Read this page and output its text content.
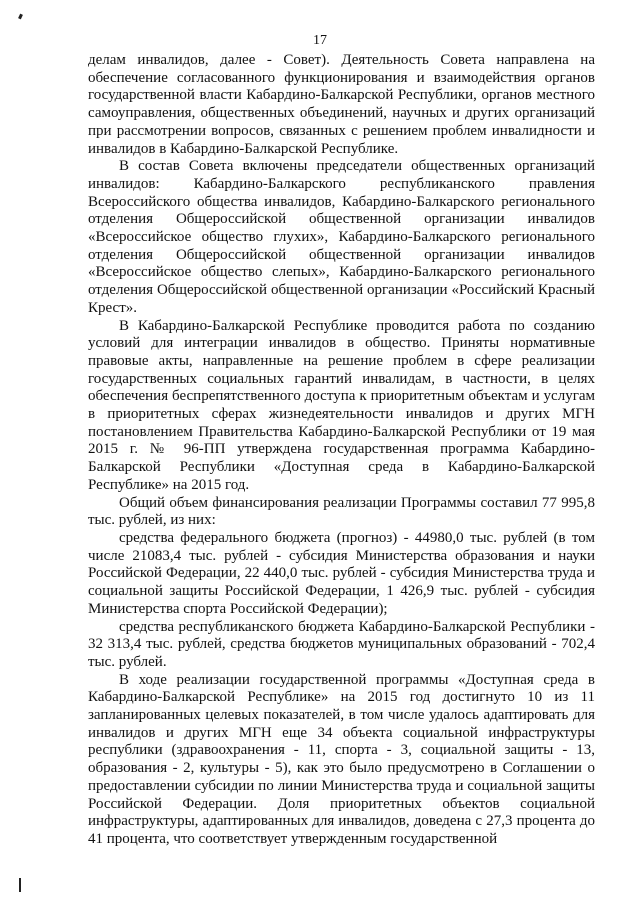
17

делам инвалидов, далее - Совет). Деятельность Совета направлена на обеспечение согласованного функционирования и взаимодействия органов государственной власти Кабардино-Балкарской Республики, органов местного самоуправления, общественных объединений, научных и других организаций при рассмотрении вопросов, связанных с решением проблем инвалидности и инвалидов в Кабардино-Балкарской Республике.

В состав Совета включены председатели общественных организаций инвалидов: Кабардино-Балкарского республиканского правления Всероссийского общества инвалидов, Кабардино-Балкарского регионального отделения Общероссийской общественной организации инвалидов «Всероссийское общество глухих», Кабардино-Балкарского регионального отделения Общероссийской общественной организации инвалидов «Всероссийское общество слепых», Кабардино-Балкарского регионального отделения Общероссийской общественной организации «Российский Красный Крест».

В Кабардино-Балкарской Республике проводится работа по созданию условий для интеграции инвалидов в общество. Приняты нормативные правовые акты, направленные на решение проблем в сфере реализации государственных социальных гарантий инвалидам, в частности, в целях обеспечения беспрепятственного доступа к приоритетным объектам и услугам в приоритетных сферах жизнедеятельности инвалидов и других МГН постановлением Правительства Кабардино-Балкарской Республики от 19 мая 2015 г. № 96-ПП утверждена государственная программа Кабардино-Балкарской Республики «Доступная среда в Кабардино-Балкарской Республике» на 2015 год.

Общий объем финансирования реализации Программы составил 77 995,8 тыс. рублей, из них:

средства федерального бюджета (прогноз) - 44980,0 тыс. рублей (в том числе 21083,4 тыс. рублей - субсидия Министерства образования и науки Российской Федерации, 22 440,0 тыс. рублей - субсидия Министерства труда и социальной защиты Российской Федерации, 1 426,9 тыс. рублей - субсидия Министерства спорта Российской Федерации);

средства республиканского бюджета Кабардино-Балкарской Республики - 32 313,4 тыс. рублей, средства бюджетов муниципальных образований - 702,4 тыс. рублей.

В ходе реализации государственной программы «Доступная среда в Кабардино-Балкарской Республике» на 2015 год достигнуто 10 из 11 запланированных целевых показателей, в том числе удалось адаптировать для инвалидов и других МГН еще 34 объекта социальной инфраструктуры республики (здравоохранения - 11, спорта - 3, социальной защиты - 13, образования - 2, культуры - 5), как это было предусмотрено в Соглашении о предоставлении субсидии по линии Министерства труда и социальной защиты Российской Федерации. Доля приоритетных объектов социальной инфраструктуры, адаптированных для инвалидов, доведена с 27,3 процента до 41 процента, что соответствует утвержденным государственной
